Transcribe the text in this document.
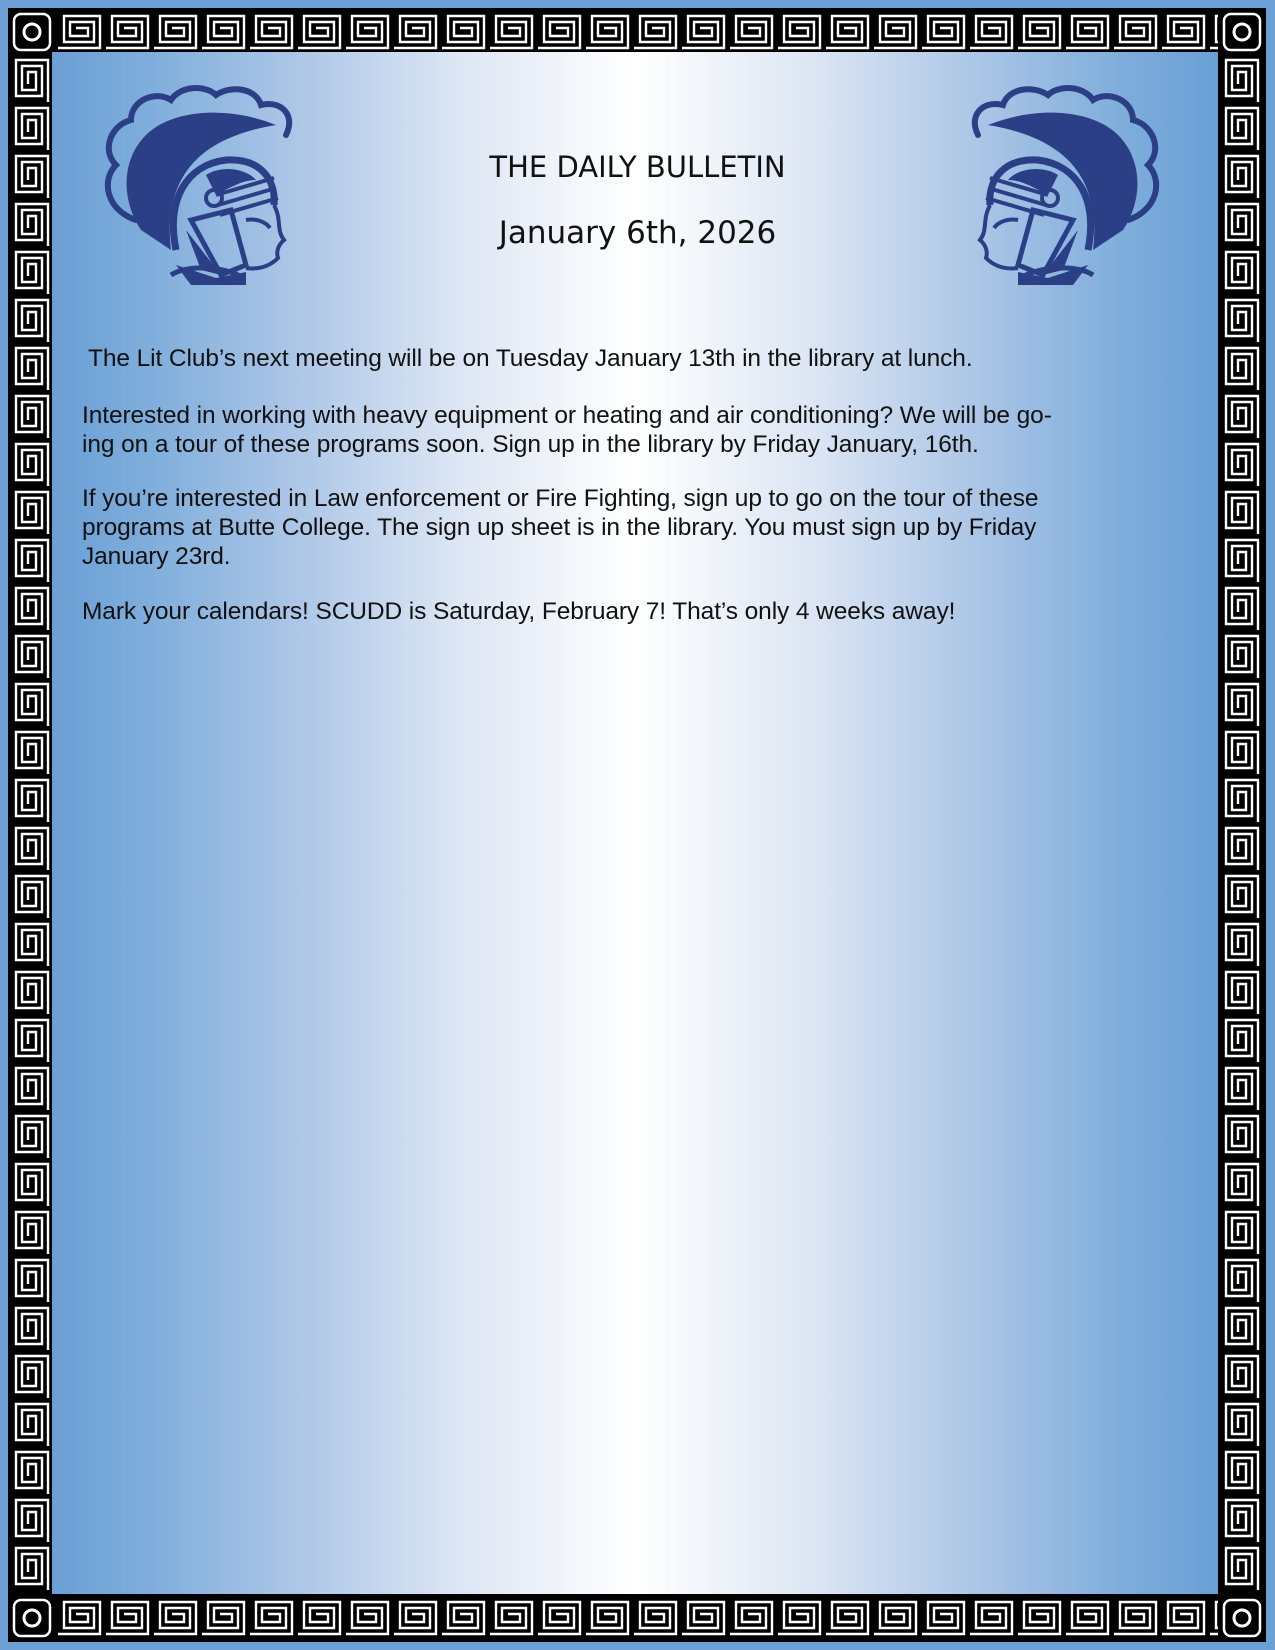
THE DAILY BULLETIN
January 6th, 2026
The Lit Club’s next meeting will be on Tuesday January 13th in the library at lunch.
Interested in working with heavy equipment or heating and air conditioning? We will be go-
ing on a tour of these programs soon. Sign up in the library by Friday January, 16th.
If you’re interested in Law enforcement or Fire Fighting, sign up to go on the tour of these
programs at Butte College. The sign up sheet is in the library. You must sign up by Friday
January 23rd.
Mark your calendars! SCUDD is Saturday, February 7! That’s only 4 weeks away!
